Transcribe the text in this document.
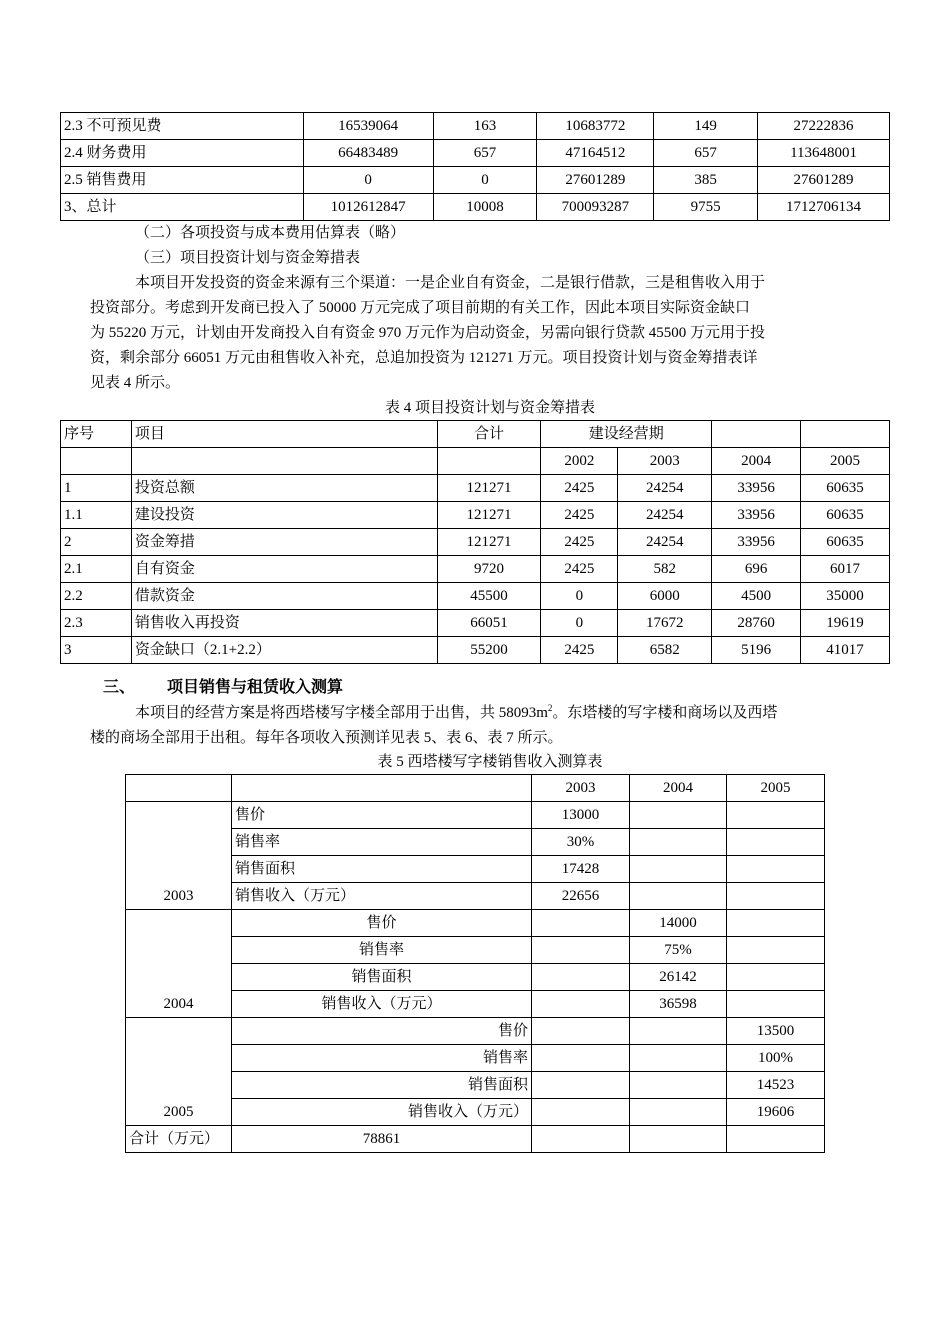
2.3 不可预见费	16539064	163	10683772	149	27222836
2.4 财务费用	66483489	657	47164512	657	113648001
2.5 销售费用	0	0	27601289	385	27601289
3、总计	1012612847	10008	700093287	9755	1712706134

（二）各项投资与成本费用估算表（略）

（三）项目投资计划与资金筹措表

本项目开发投资的资金来源有三个渠道：一是企业自有资金，二是银行借款，三是租售收入用于

投资部分。考虑到开发商已投入了 50000 万元完成了项目前期的有关工作，因此本项目实际资金缺口

为 55220 万元，计划由开发商投入自有资金 970 万元作为启动资金，另需向银行贷款 45500 万元用于投

资，剩余部分 66051 万元由租售收入补充，总追加投资为 121271 万元。项目投资计划与资金筹措表详

见表 4 所示。

表 4 项目投资计划与资金筹措表

序号	项目	合计	建设经营期			
			2002	2003	2004	2005
1	投资总额	121271	2425	24254	33956	60635
1.1	建设投资	121271	2425	24254	33956	60635
2	资金筹措	121271	2425	24254	33956	60635
2.1	自有资金	9720	2425	582	696	6017
2.2	借款资金	45500	0	6000	4500	35000
2.3	销售收入再投资	66051	0	17672	28760	19619
3	资金缺口（2.1+2.2）	55200	2425	6582	5196	41017

三、 项目销售与租赁收入测算

本项目的经营方案是将西塔楼写字楼全部用于出售，共 $58093m^2$。东塔楼的写字楼和商场以及西塔

楼的商场全部用于出租。每年各项收入预测详见表 5、表 6、表 7 所示。

表 5 西塔楼写字楼销售收入测算表

		2003	2004	2005
2003	售价	13000		
	销售率	30%		
	销售面积	17428		
	销售收入（万元）	22656		
2004	售价		14000	
	销售率		75%	
	销售面积		26142	
	销售收入（万元）		36598	
2005	售价			13500
	销售率			100%
	销售面积			14523
	销售收入（万元）			19606
合计（万元）	78861			
